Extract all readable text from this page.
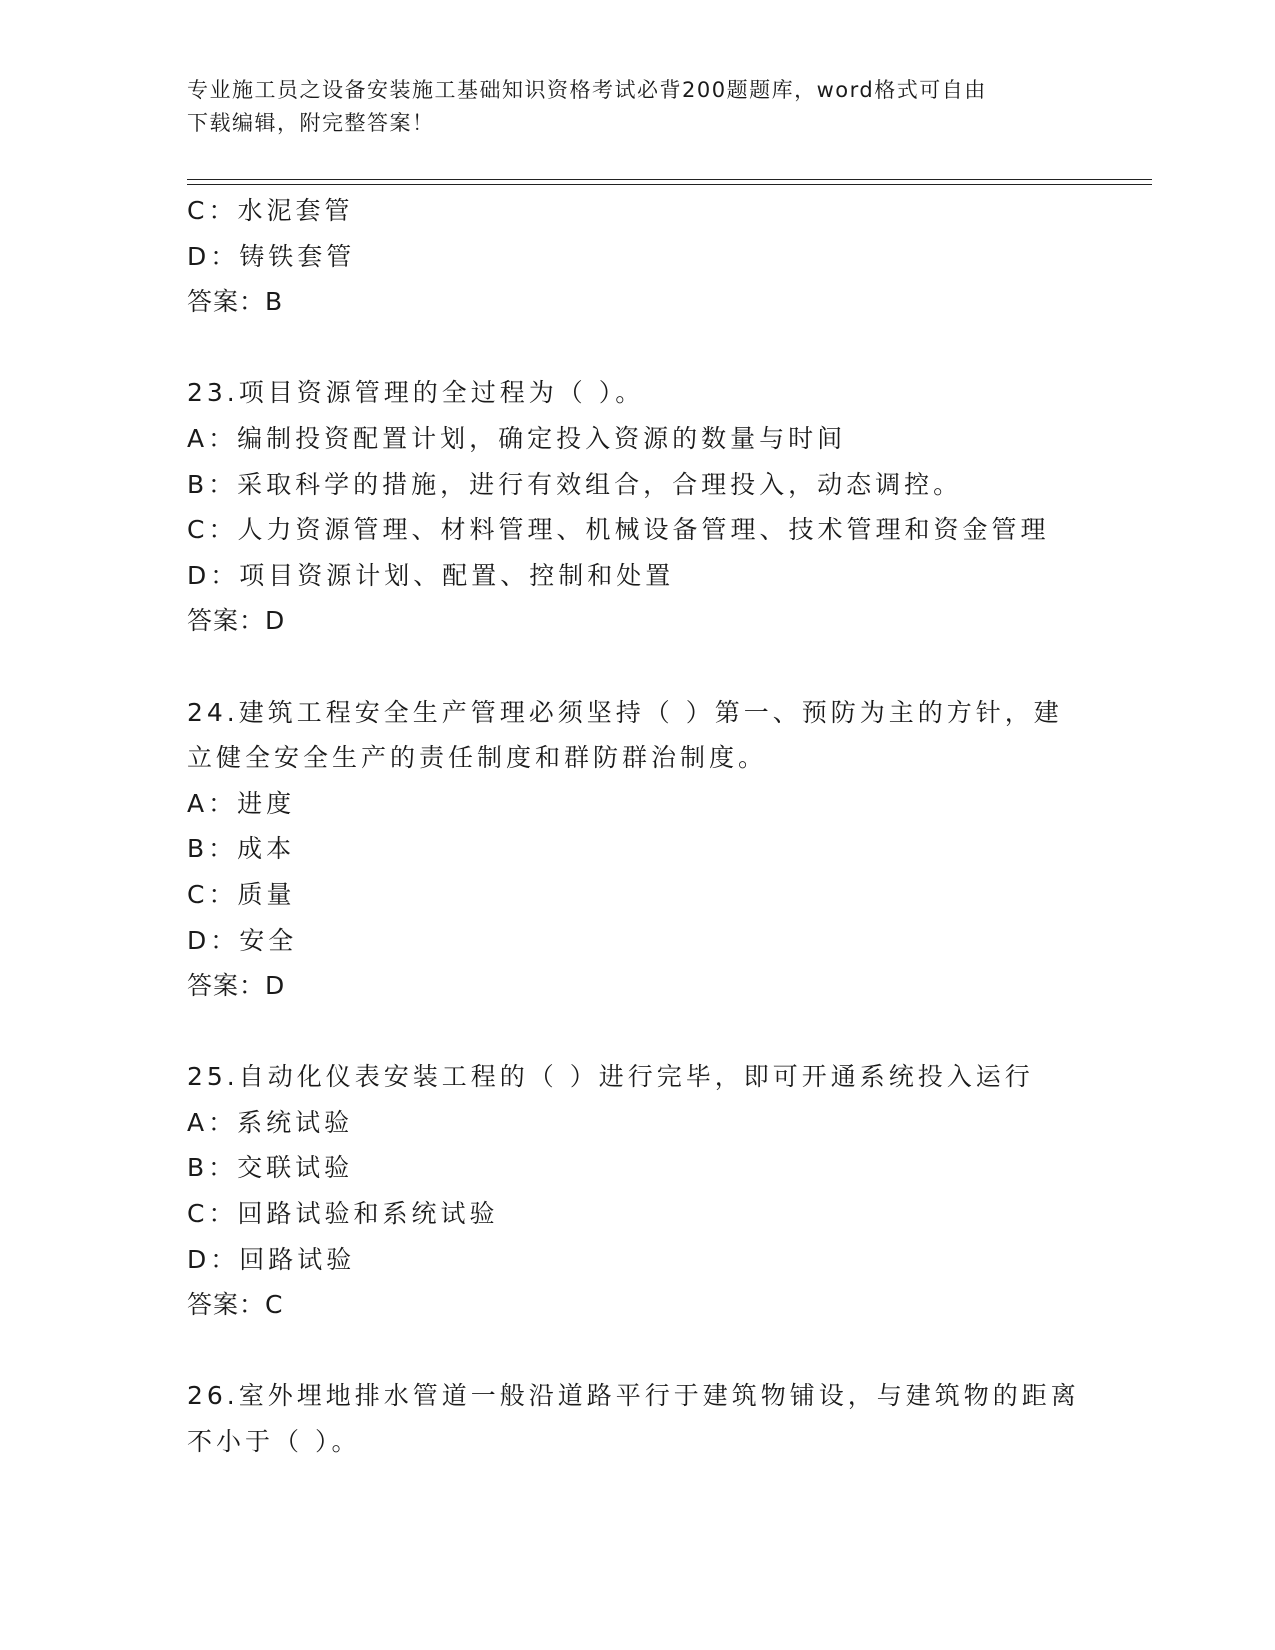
专业施工员之设备安装施工基础知识资格考试必背200题题库，word格式可自由
下载编辑，附完整答案！
C：水泥套管
D：铸铁套管
答案：B
23.项目资源管理的全过程为（ ）。
A：编制投资配置计划，确定投入资源的数量与时间
B：采取科学的措施，进行有效组合，合理投入，动态调控。
C：人力资源管理、材料管理、机械设备管理、技术管理和资金管理
D：项目资源计划、配置、控制和处置
答案：D
24.建筑工程安全生产管理必须坚持（ ）第一、预防为主的方针，建
立健全安全生产的责任制度和群防群治制度。
A：进度
B：成本
C：质量
D：安全
答案：D
25.自动化仪表安装工程的（ ）进行完毕，即可开通系统投入运行
A：系统试验
B：交联试验
C：回路试验和系统试验
D：回路试验
答案：C
26.室外埋地排水管道一般沿道路平行于建筑物铺设，与建筑物的距离
不小于（ ）。
